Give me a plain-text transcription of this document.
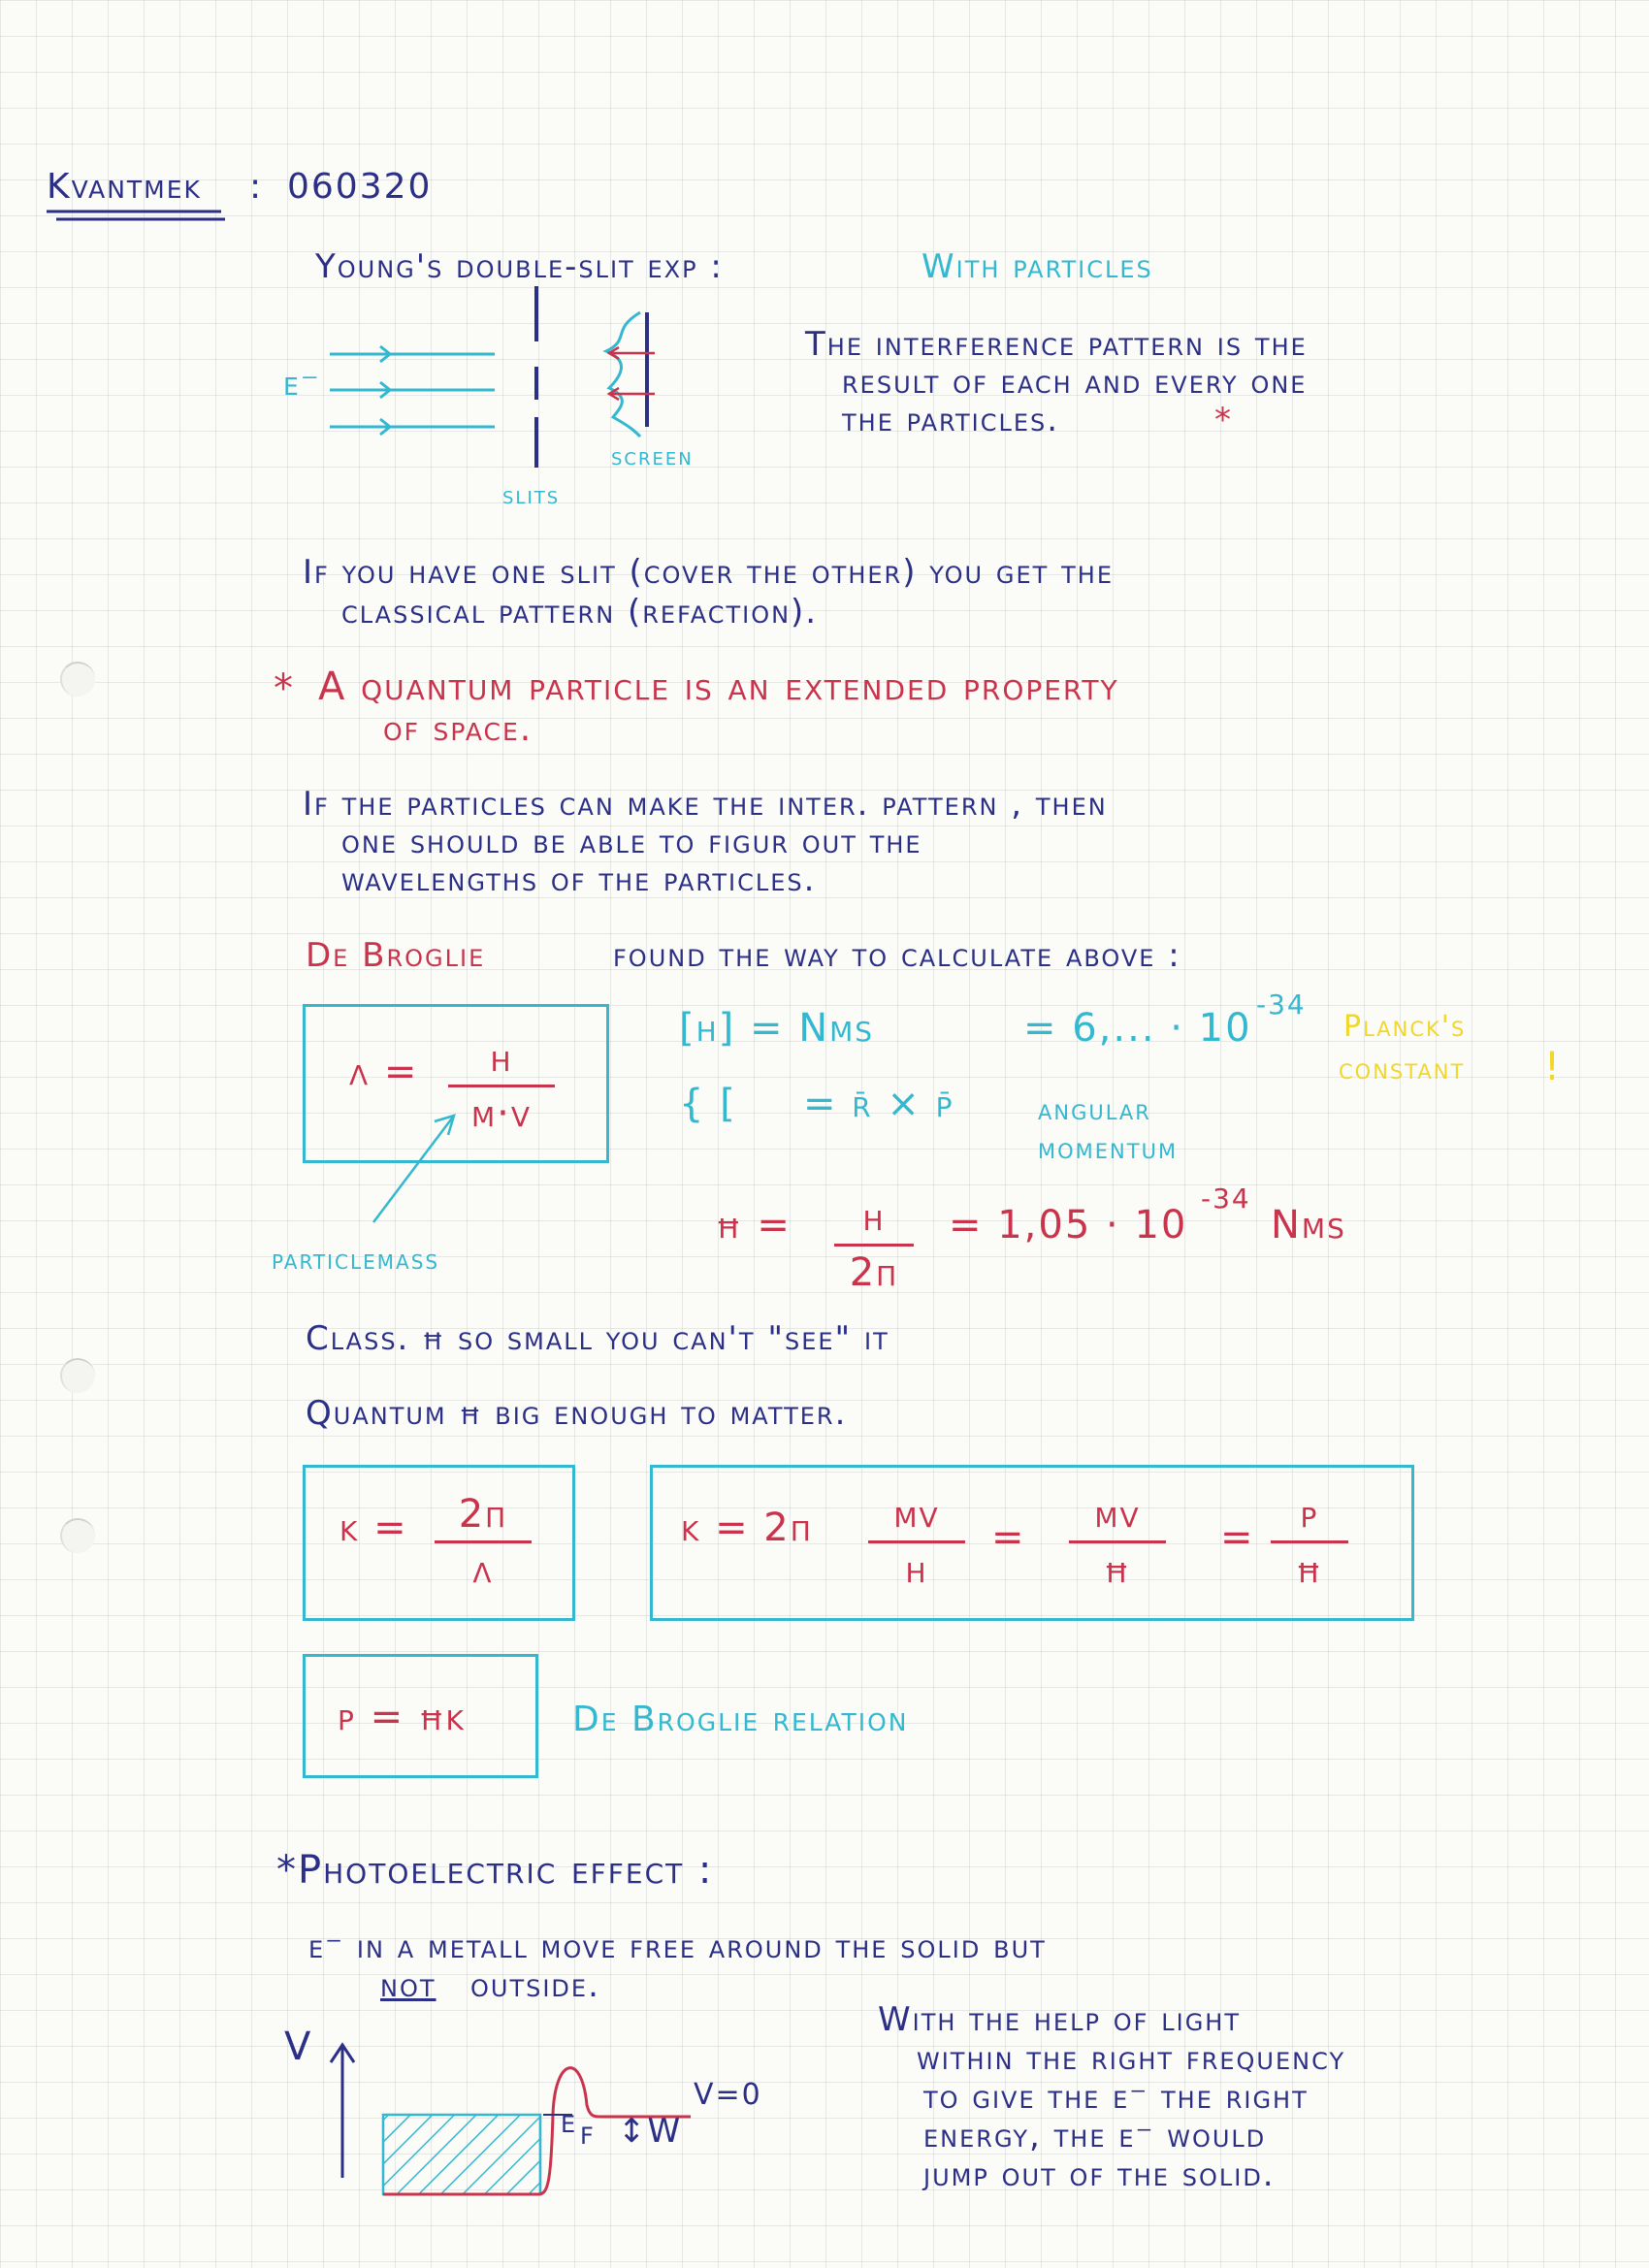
Kvantmek : 060320
Young's double-slit exp :	With particles
e⁻
screen
slits
The interference pattern is the
result of each and every one
the particles.	*
If you have one slit (cover the other) you get the
classical pattern (refaction).
* A quantum particle is an extended property
of space.
If the particles can make the inter. pattern , then
one should be able to figur out the
wavelengths of the particles.
De Broglie	found the way to calculate above :
λ =	h
m·v
particlemass
[h] = Nms	= 6,... · 10
-34
Planck's
constant !
{ [ = r̄ × p̄	angular
momentum
ħ =	h
2π
= 1,05 · 10
-34
Nms
Class. ħ so small you can't "see" it
Quantum ħ big enough to matter.
k =	2π
λ
k = 2π	mv
h
=
mv
ħ
=
p
ħ
p = ħk	De Broglie relation
*Photoelectric effect :
e⁻ in a metall move free around the solid but
not outside.
V
ε F ↕W
V=0
With the help of light
within the right frequency
to give the e⁻ the right
energy, the e⁻ would
jump out of the solid.
